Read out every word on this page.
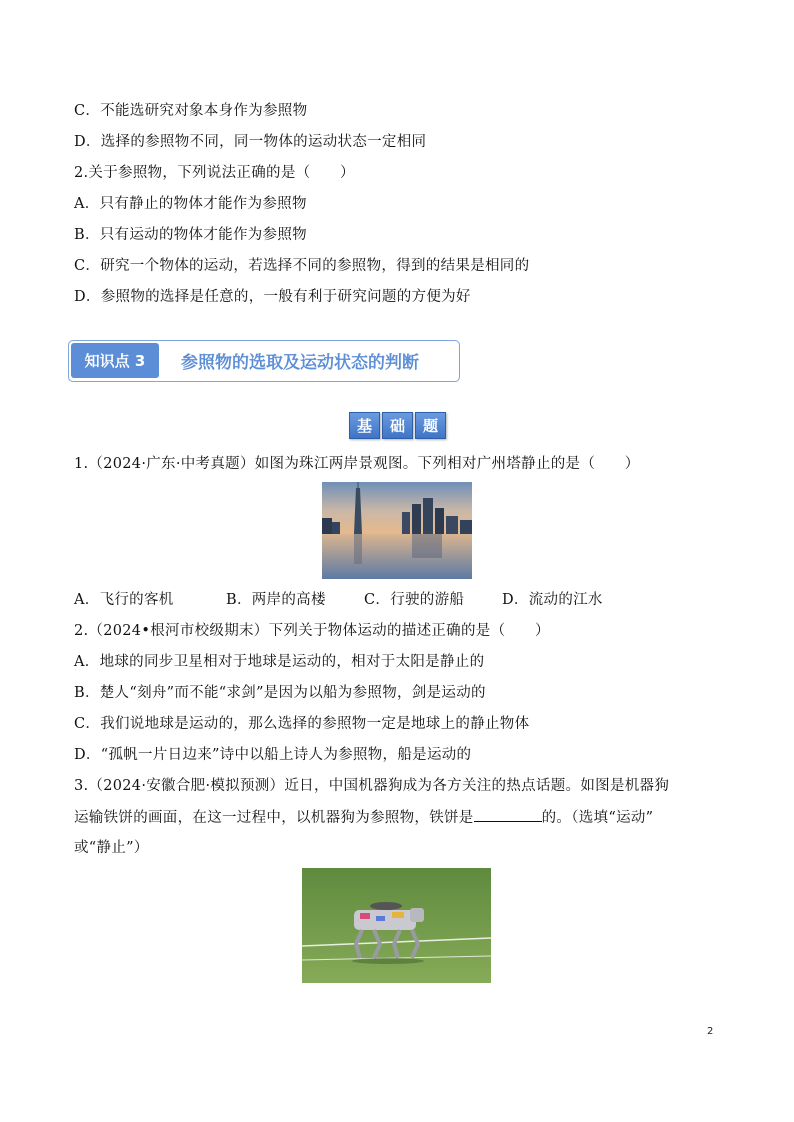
C．不能选研究对象本身作为参照物
D．选择的参照物不同，同一物体的运动状态一定相同
2.关于参照物，下列说法正确的是（　　）
A．只有静止的物体才能作为参照物
B．只有运动的物体才能作为参照物
C．研究一个物体的运动，若选择不同的参照物，得到的结果是相同的
D．参照物的选择是任意的，一般有利于研究问题的方便为好
知识点 3	参照物的选取及运动状态的判断
基	础	题
1.（2024·广东·中考真题）如图为珠江两岸景观图。下列相对广州塔静止的是（　　）
A．飞行的客机	B．两岸的高楼	C．行驶的游船	D．流动的江水
2.（2024•根河市校级期末）下列关于物体运动的描述正确的是（　　）
A．地球的同步卫星相对于地球是运动的，相对于太阳是静止的
B．楚人“刻舟”而不能“求剑”是因为以船为参照物，剑是运动的
C．我们说地球是运动的，那么选择的参照物一定是地球上的静止物体
D．“孤帆一片日边来”诗中以船上诗人为参照物，船是运动的
3.（2024·安徽合肥·模拟预测）近日，中国机器狗成为各方关注的热点话题。如图是机器狗
运输铁饼的画面，在这一过程中，以机器狗为参照物，铁饼是	的。（选填“运动”
或“静止”）
2
